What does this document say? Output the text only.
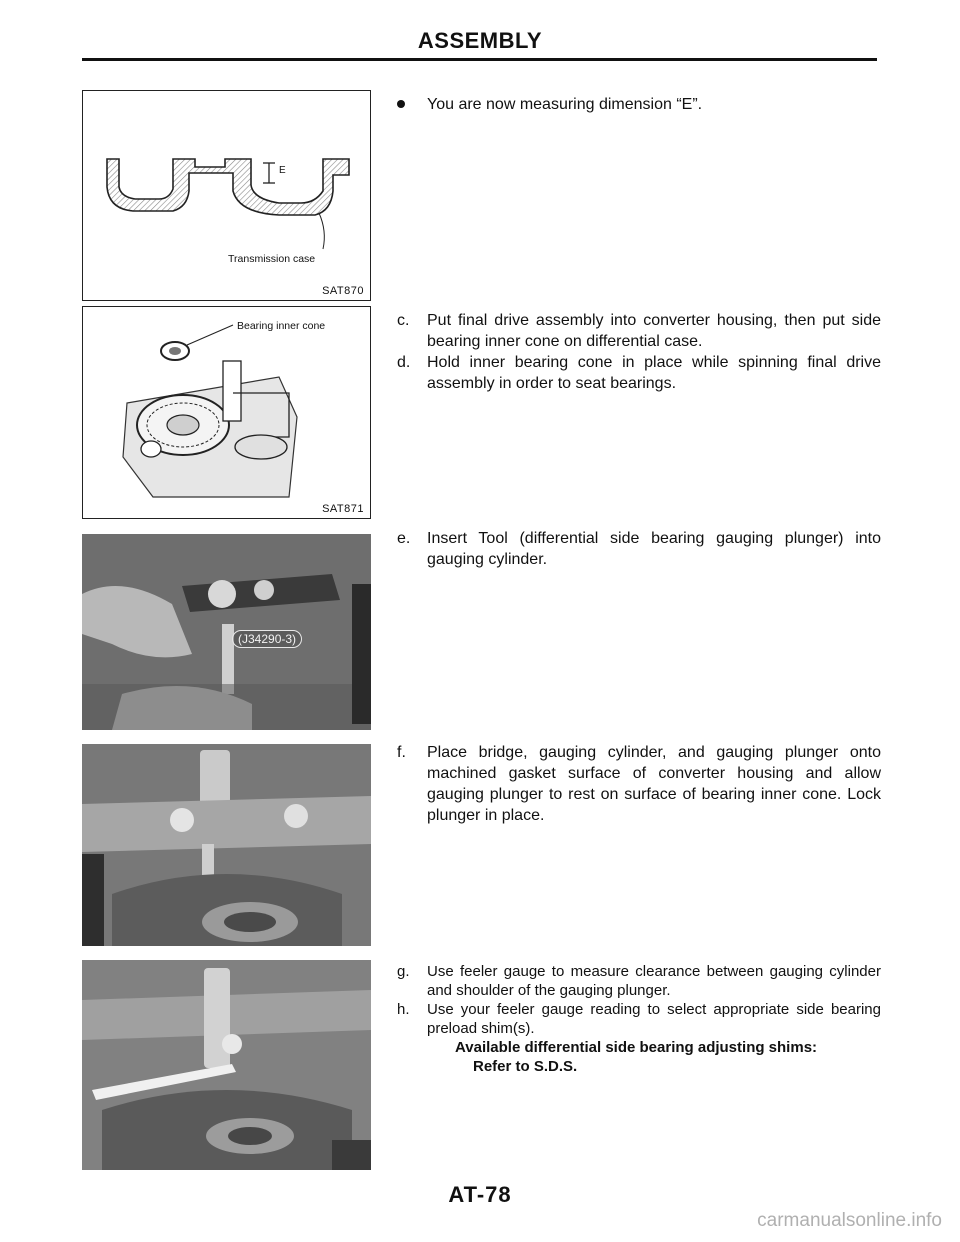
ASSEMBLY
E
Transmission case
SAT870
Bearing inner cone
SAT871
(J34290-3)
You are now measuring dimension “E”.
c. Put final drive assembly into converter housing, then put side bearing inner cone on differential case.
d. Hold inner bearing cone in place while spinning final drive assembly in order to seat bearings.
e. Insert Tool (differential side bearing gauging plunger) into gauging cylinder.
f. Place bridge, gauging cylinder, and gauging plunger onto machined gasket surface of converter housing and allow gauging plunger to rest on surface of bearing inner cone. Lock plunger in place.
g. Use feeler gauge to measure clearance between gauging cylinder and shoulder of the gauging plunger.
h. Use your feeler gauge reading to select appropriate side bearing preload shim(s).
Available differential side bearing adjusting shims:
Refer to S.D.S.
AT-78
carmanualsonline.info
